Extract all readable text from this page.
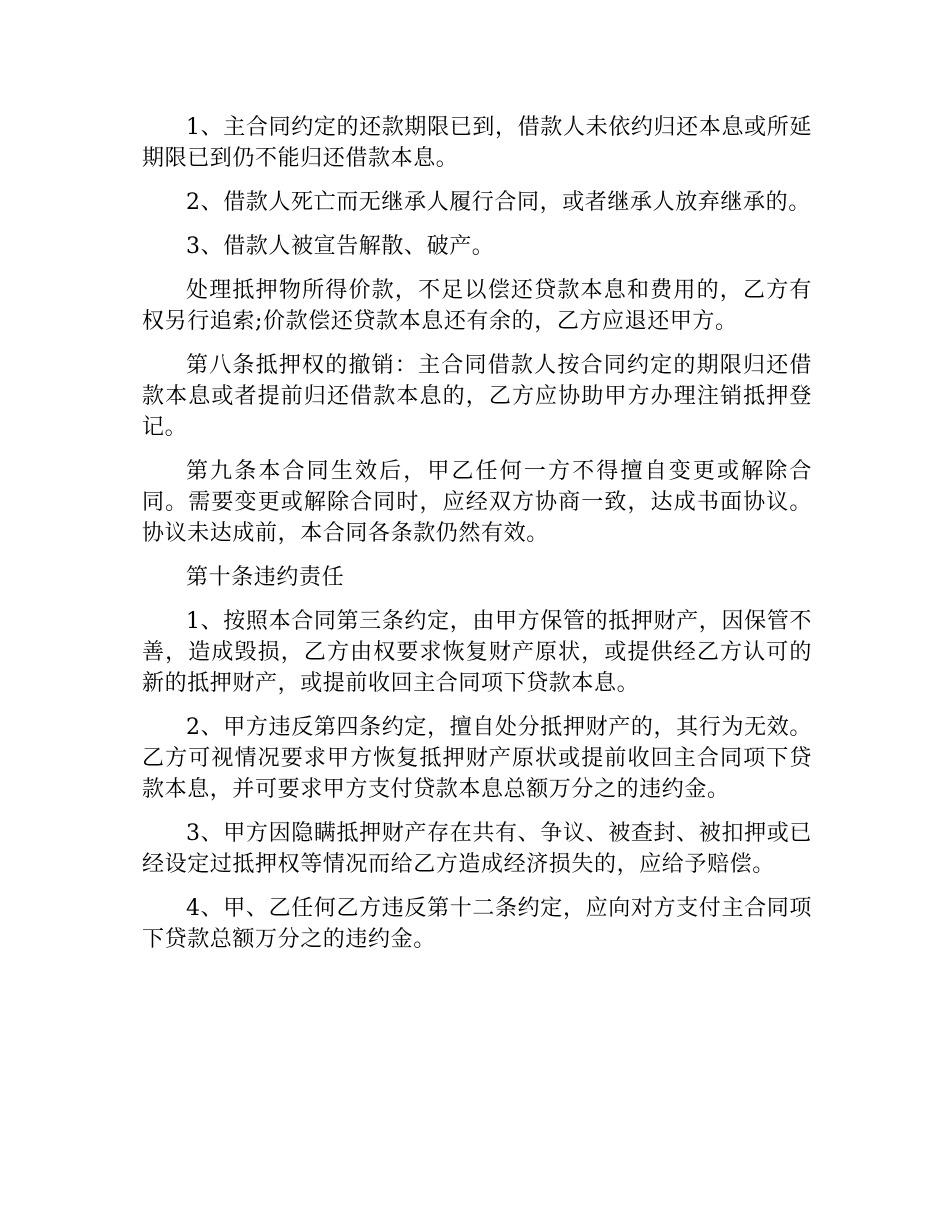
1、主合同约定的还款期限已到，借款人未依约归还本息或所延期限已到仍不能归还借款本息。

2、借款人死亡而无继承人履行合同，或者继承人放弃继承的。

3、借款人被宣告解散、破产。

处理抵押物所得价款，不足以偿还贷款本息和费用的，乙方有权另行追索;价款偿还贷款本息还有余的，乙方应退还甲方。

第八条抵押权的撤销：主合同借款人按合同约定的期限归还借款本息或者提前归还借款本息的，乙方应协助甲方办理注销抵押登记。

第九条本合同生效后，甲乙任何一方不得擅自变更或解除合同。需要变更或解除合同时，应经双方协商一致，达成书面协议。协议未达成前，本合同各条款仍然有效。

第十条违约责任

1、按照本合同第三条约定，由甲方保管的抵押财产，因保管不善，造成毁损，乙方由权要求恢复财产原状，或提供经乙方认可的新的抵押财产，或提前收回主合同项下贷款本息。

2、甲方违反第四条约定，擅自处分抵押财产的，其行为无效。乙方可视情况要求甲方恢复抵押财产原状或提前收回主合同项下贷款本息，并可要求甲方支付贷款本息总额万分之的违约金。

3、甲方因隐瞒抵押财产存在共有、争议、被查封、被扣押或已经设定过抵押权等情况而给乙方造成经济损失的，应给予赔偿。

4、甲、乙任何乙方违反第十二条约定，应向对方支付主合同项下贷款总额万分之的违约金。
